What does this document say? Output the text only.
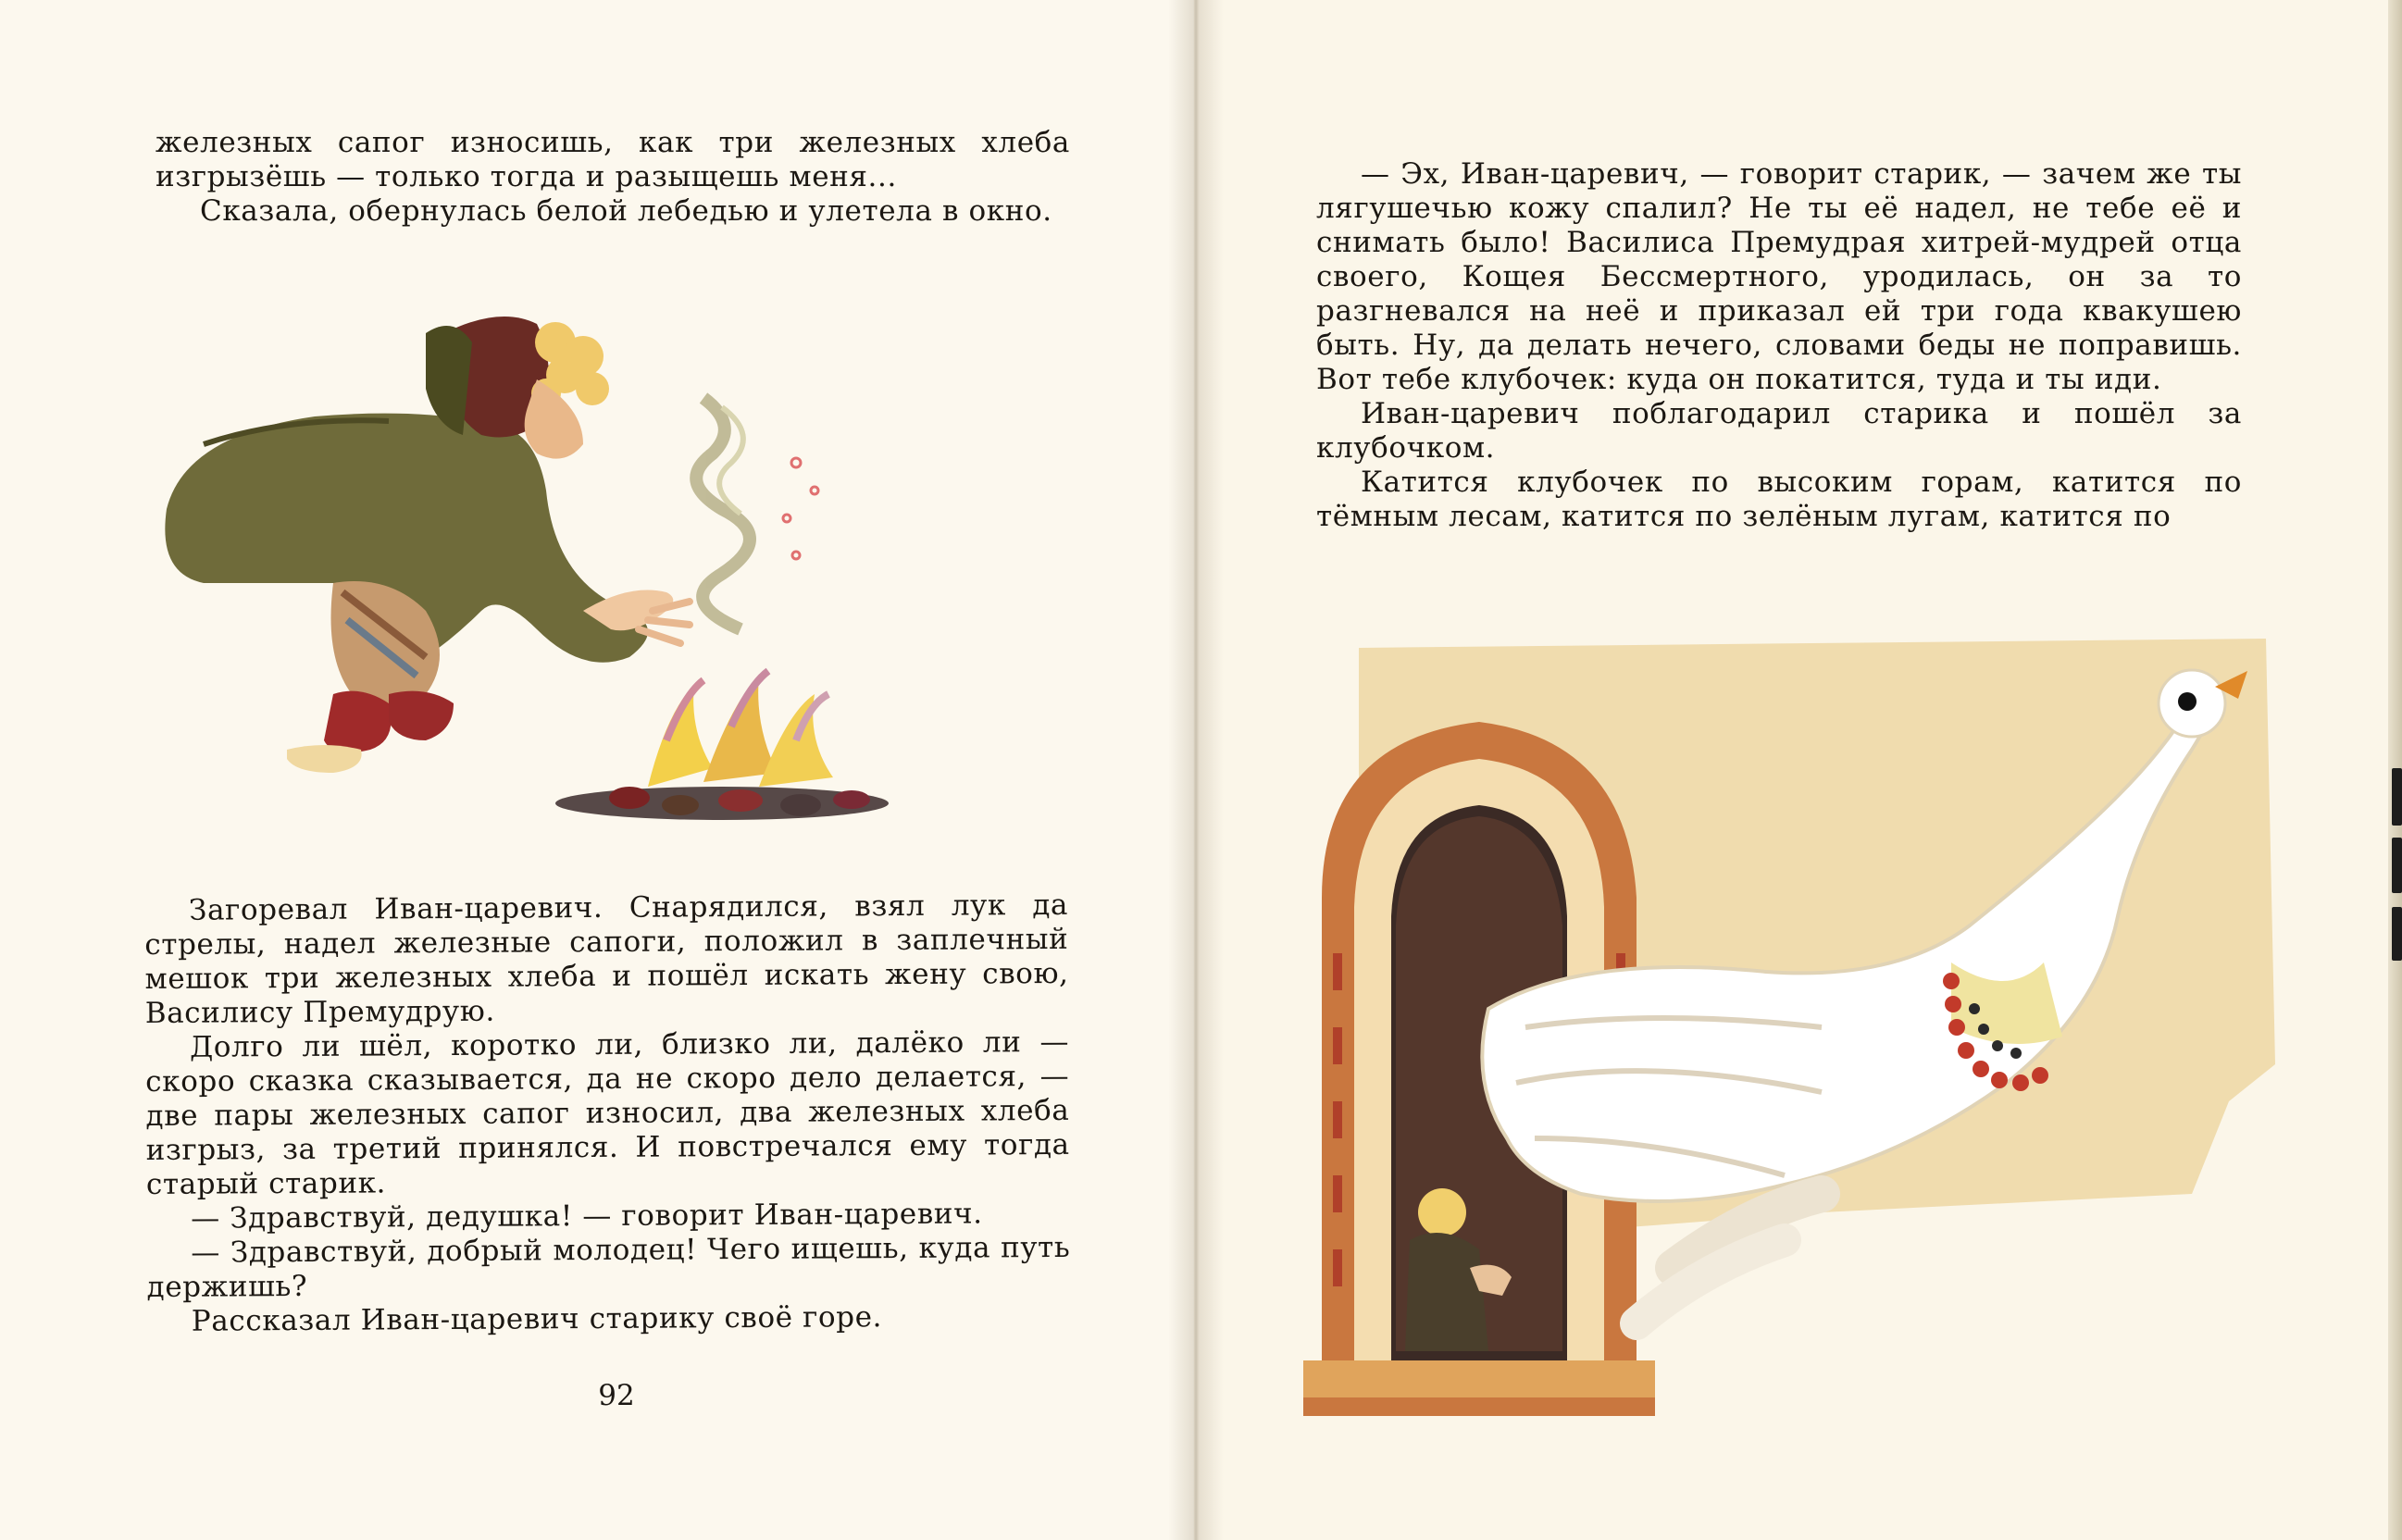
железных сапог износишь, как три железных хлеба изгрызёшь — только тогда и разыщешь меня...

Сказала, обернулась белой лебедью и улетела в окно.

Загоревал Иван-царевич. Снарядился, взял лук да стрелы, надел железные сапоги, положил в заплечный мешок три железных хлеба и пошёл искать жену свою, Василису Премудрую.

Долго ли шёл, коротко ли, близко ли, далёко ли — скоро сказка сказывается, да не скоро дело делается, — две пары железных сапог износил, два железных хлеба изгрыз, за третий принялся. И повстречался ему тогда старый старик.

— Здравствуй, дедушка! — говорит Иван-царевич.

— Здравствуй, добрый молодец! Чего ищешь, куда путь держишь?

Рассказал Иван-царевич старику своё горе.

92

— Эх, Иван-царевич, — говорит старик, — зачем же ты лягушечью кожу спалил? Не ты её надел, не тебе её и снимать было! Василиса Премудрая хитрей-мудрей отца своего, Кощея Бессмертного, уродилась, он за то разгневался на неё и приказал ей три года квакушею быть. Ну, да делать нечего, словами беды не поправишь. Вот тебе клубочек: куда он покатится, туда и ты иди.

Иван-царевич поблагодарил старика и пошёл за клубочком.

Катится клубочек по высоким горам, катится по тёмным лесам, катится по зелёным лугам, катится по
